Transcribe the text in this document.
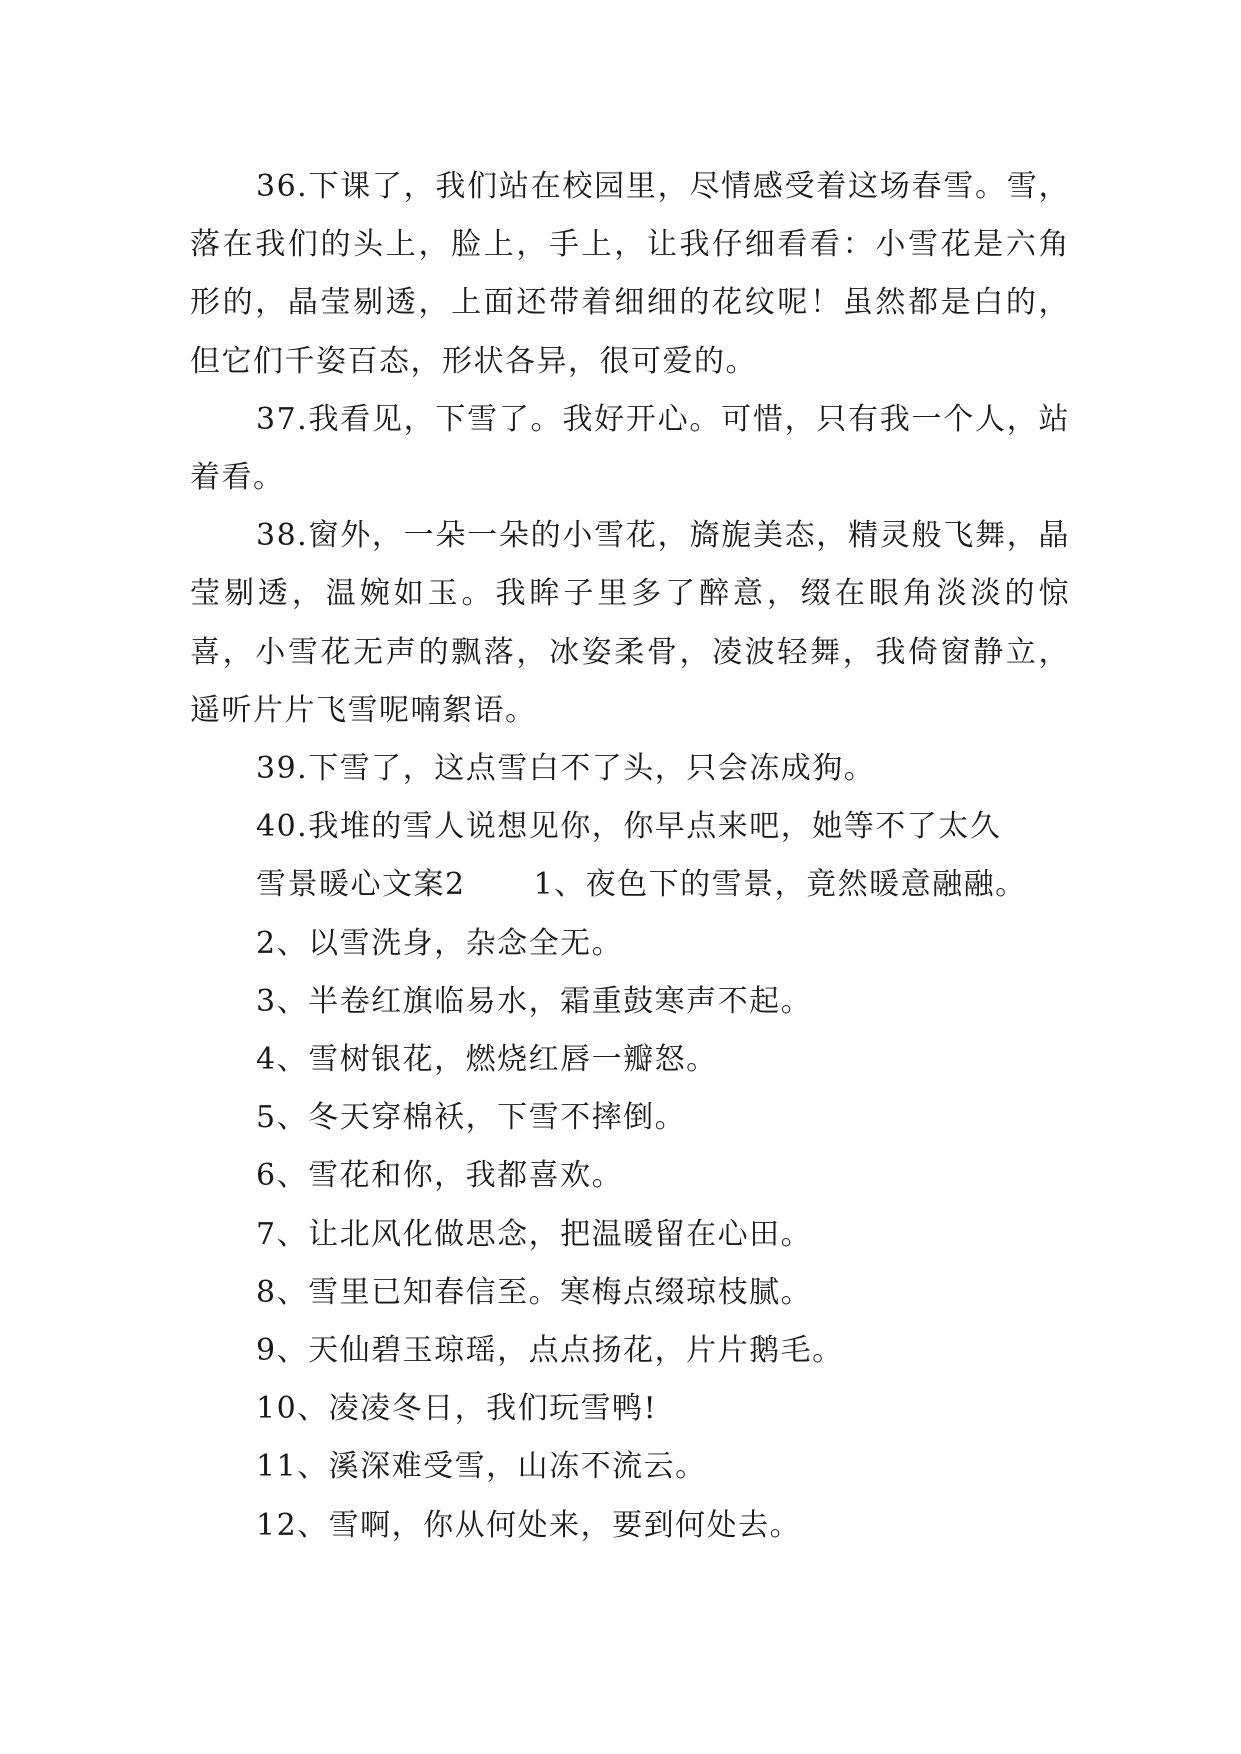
36.下课了，我们站在校园里，尽情感受着这场春雪。雪，落在我们的头上，脸上，手上，让我仔细看看：小雪花是六角形的，晶莹剔透，上面还带着细细的花纹呢！虽然都是白的，但它们千姿百态，形状各异，很可爱的。

37.我看见，下雪了。我好开心。可惜，只有我一个人，站着看。

38.窗外，一朵一朵的小雪花，旖旎美态，精灵般飞舞，晶莹剔透，温婉如玉。我眸子里多了醉意，缀在眼角淡淡的惊喜，小雪花无声的飘落，冰姿柔骨，凌波轻舞，我倚窗静立，遥听片片飞雪呢喃絮语。

39.下雪了，这点雪白不了头，只会冻成狗。

40.我堆的雪人说想见你，你早点来吧，她等不了太久

雪景暖心文案2 1、夜色下的雪景，竟然暖意融融。

2、以雪洗身，杂念全无。

3、半卷红旗临易水，霜重鼓寒声不起。

4、雪树银花，燃烧红唇一瓣怒。

5、冬天穿棉袄，下雪不摔倒。

6、雪花和你，我都喜欢。

7、让北风化做思念，把温暖留在心田。

8、雪里已知春信至。寒梅点缀琼枝腻。

9、天仙碧玉琼瑶，点点扬花，片片鹅毛。

10、凌凌冬日，我们玩雪鸭!

11、溪深难受雪，山冻不流云。

12、雪啊，你从何处来，要到何处去。
